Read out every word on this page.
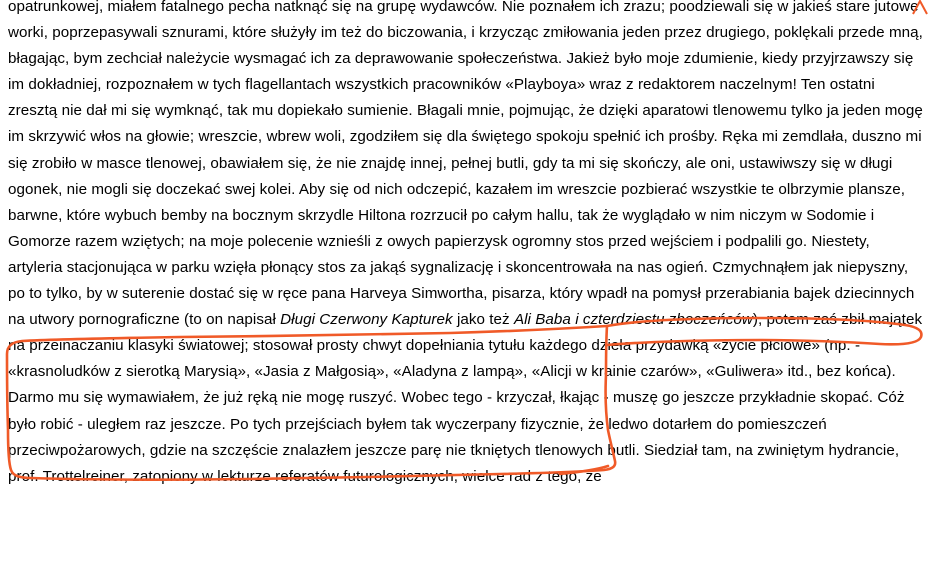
opatrunkowej, miałem fatalnego pecha natknąć się na grupę wydawców. Nie poznałem ich zrazu; poodziewali się w jakieś stare jutowe worki, poprzepasywali sznurami, które służyły im też do biczowania, i krzycząc zmiłowania jeden przez drugiego, poklękali przede mną, błagając, bym zechciał należycie wysmagać ich za deprawowanie społeczeństwa. Jakież było moje zdumienie, kiedy przyjrzawszy się im dokładniej, rozpoznałem w tych flagellantach wszystkich pracowników «Playboya» wraz z redaktorem naczelnym! Ten ostatni zresztą nie dał mi się wymknąć, tak mu dopiekało sumienie. Błagali mnie, pojmując, że dzięki aparatowi tlenowemu tylko ja jeden mogę im skrzywić włos na głowie; wreszcie, wbrew woli, zgodziłem się dla świętego spokoju spełnić ich prośby. Ręka mi zemdlała, duszno mi się zrobiło w masce tlenowej, obawiałem się, że nie znajdę innej, pełnej butli, gdy ta mi się skończy, ale oni, ustawiwszy się w długi ogonek, nie mogli się doczekać swej kolei. Aby się od nich odczepić, kazałem im wreszcie pozbierać wszystkie te olbrzymie plansze, barwne, które wybuch bemby na bocznym skrzydle Hiltona rozrzucił po całym hallu, tak że wyglądało w nim niczym w Sodomie i Gomorze razem wziętych; na moje polecenie wznieśli z owych papierzysk ogromny stos przed wejściem i podpalili go. Niestety, artyleria stacjonująca w parku wzięła płonący stos za jakąś sygnalizację i skoncentrowała na nas ogień. Czmychnąłem jak niepyszny, po to tylko, by w suterenie dostać się w ręce pana Harveya Simwortha, pisarza, który wpadł na pomysł przerabiania bajek dziecinnych na utwory pornograficzne (to on napisał Długi Czerwony Kapturek jako też Ali Baba i czterdziestu zboczeńców), potem zaś zbił majątek na przeinaczaniu klasyki światowej; stosował prosty chwyt dopełniania tytułu każdego dzieła przydawką «życie płciowe» (np. - «krasnoludków z sierotką Marysią», «Jasia z Małgosią», «Aladyna z lampą», «Alicji w krainie czarów», «Guliwera» itd., bez końca). Darmo mu się wymawiałem, że już ręką nie mogę ruszyć. Wobec tego - krzyczał, łkając - muszę go jeszcze przykładnie skopać. Cóż było robić - uległem raz jeszcze. Po tych przejściach byłem tak wyczerpany fizycznie, że ledwo dotarłem do pomieszczeń przeciwpożarowych, gdzie na szczęście znalazłem jeszcze parę nie tkniętych tlenowych butli. Siedział tam, na zwiniętym hydrancie, prof. Trottelreiner, zatopiony w lekturze referatów futurologicznych, wielce rad z tego, że
